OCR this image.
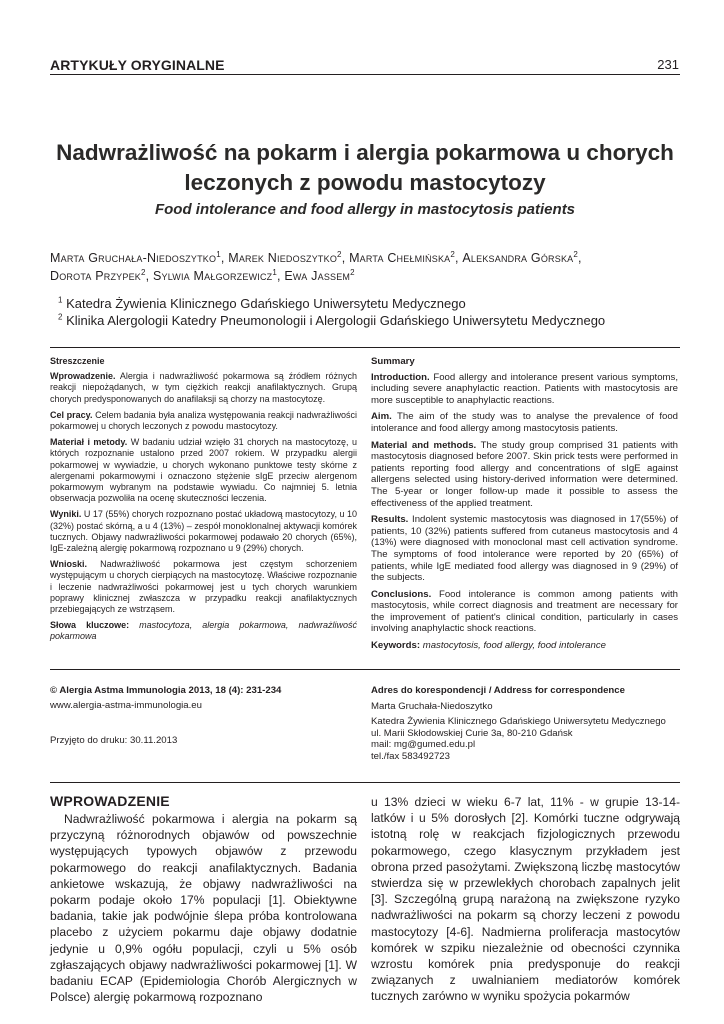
ARTYKUŁY ORYGINALNE	231
Nadwrażliwość na pokarm i alergia pokarmowa u chorych leczonych z powodu mastocytozy
Food intolerance and food allergy in mastocytosis patients
Marta Gruchała-Niedoszytko$^1$, Marek Niedoszytko$^2$, Marta Chełmińska$^2$, Aleksandra Górska$^2$,
Dorota Przypek$^2$, Sylwia Małgorzewicz$^1$, Ewa Jassem$^2$
$^1$ Katedra Żywienia Klinicznego Gdańskiego Uniwersytetu Medycznego
$^2$ Klinika Alergologii Katedry Pneumonologii i Alergologii Gdańskiego Uniwersytetu Medycznego
Streszczenie

Wprowadzenie. Alergia i nadwrażliwość pokarmowa są źródłem różnych reakcji niepożądanych, w tym ciężkich reakcji anafilaktycznych. Grupą chorych predysponowanych do anafilaksji są chorzy na mastocytozę.

Cel pracy. Celem badania była analiza występowania reakcji nadwrażliwości pokarmowej u chorych leczonych z powodu mastocytozy.

Materiał i metody. W badaniu udział wzięło 31 chorych na mastocytozę, u których rozpoznanie ustalono przed 2007 rokiem. W przypadku alergii pokarmowej w wywiadzie, u chorych wykonano punktowe testy skórne z alergenami pokarmowymi i oznaczono stężenie sIgE przeciw alergenom pokarmowym wybranym na podstawie wywiadu. Co najmniej 5. letnia obserwacja pozwoliła na ocenę skuteczności leczenia.

Wyniki. U 17 (55%) chorych rozpoznano postać układową mastocytozy, u 10 (32%) postać skórną, a u 4 (13%) – zespół monoklonalnej aktywacji komórek tucznych. Objawy nadwrażliwości pokarmowej podawało 20 chorych (65%), IgE-zależną alergię pokarmową rozpoznano u 9 (29%) chorych.

Wnioski. Nadwrażliwość pokarmowa jest częstym schorzeniem występującym u chorych cierpiących na mastocytozę. Właściwe rozpoznanie i leczenie nadwrażliwości pokarmowej jest u tych chorych warunkiem poprawy klinicznej zwłaszcza w przypadku reakcji anafilaktycznych przebiegających ze wstrząsem.

Słowa kluczowe: mastocytoza, alergia pokarmowa, nadwrażliwość pokarmowa

Summary

Introduction. Food allergy and intolerance present various symptoms, including severe anaphylactic reaction. Patients with mastocytosis are more susceptible to anaphylactic reactions.

Aim. The aim of the study was to analyse the prevalence of food intolerance and food allergy among mastocytosis patients.

Material and methods. The study group comprised 31 patients with mastocytosis diagnosed before 2007. Skin prick tests were performed in patients reporting food allergy and concentrations of sIgE against allergens selected using history-derived information were determined. The 5-year or longer follow-up made it possible to assess the effectiveness of the applied treatment.

Results. Indolent systemic mastocytosis was diagnosed in 17(55%) of patients, 10 (32%) patients suffered from cutaneus mastocytosis and 4 (13%) were diagnosed with monoclonal mast cell activation syndrome. The symptoms of food intolerance were reported by 20 (65%) of patients, while IgE mediated food allergy was diagnosed in 9 (29%) of the subjects.

Conclusions. Food intolerance is common among patients with mastocytosis, while correct diagnosis and treatment are necessary for the improvement of patient's clinical condition, particularly in cases involving anaphylactic shock reactions.

Keywords: mastocytosis, food allergy, food intolerance

© Alergia Astma Immunologia 2013, 18 (4): 231-234
www.alergia-astma-immunologia.eu
Przyjęto do druku: 30.11.2013
Adres do korespondencji / Address for correspondence
Marta Gruchała-Niedoszytko
Katedra Żywienia Klinicznego Gdańskiego Uniwersytetu Medycznego
ul. Marii Skłodowskiej Curie 3a, 80-210 Gdańsk
mail: mg@gumed.edu.pl
tel./fax 583492723
WPROWADZENIE
Nadwrażliwość pokarmowa i alergia na pokarm są przyczyną różnorodnych objawów od powszechnie występujących typowych objawów z przewodu pokarmowego do reakcji anafilaktycznych. Badania ankietowe wskazują, że objawy nadwrażliwości na pokarm podaje około 17% populacji [1]. Obiektywne badania, takie jak podwójnie ślepa próba kontrolowana placebo z użyciem pokarmu daje objawy dodatnie jedynie u 0,9% ogółu populacji, czyli u 5% osób zgłaszających objawy nadwrażliwości pokarmowej [1]. W badaniu ECAP (Epidemiologia Chorób Alergicznych w Polsce) alergię pokarmową rozpoznano
u 13% dzieci w wieku 6-7 lat, 11% - w grupie 13-14-latków i u 5% dorosłych [2]. Komórki tuczne odgrywają istotną rolę w reakcjach fizjologicznych przewodu pokarmowego, czego klasycznym przykładem jest obrona przed pasożytami. Zwiększoną liczbę mastocytów stwierdza się w przewlekłych chorobach zapalnych jelit [3]. Szczególną grupą narażoną na zwiększone ryzyko nadwrażliwości na pokarm są chorzy leczeni z powodu mastocytozy [4-6]. Nadmierna proliferacja mastocytów komórek w szpiku niezależnie od obecności czynnika wzrostu komórek pnia predysponuje do reakcji związanych z uwalnianiem mediatorów komórek tucznych zarówno w wyniku spożycia pokarmów
